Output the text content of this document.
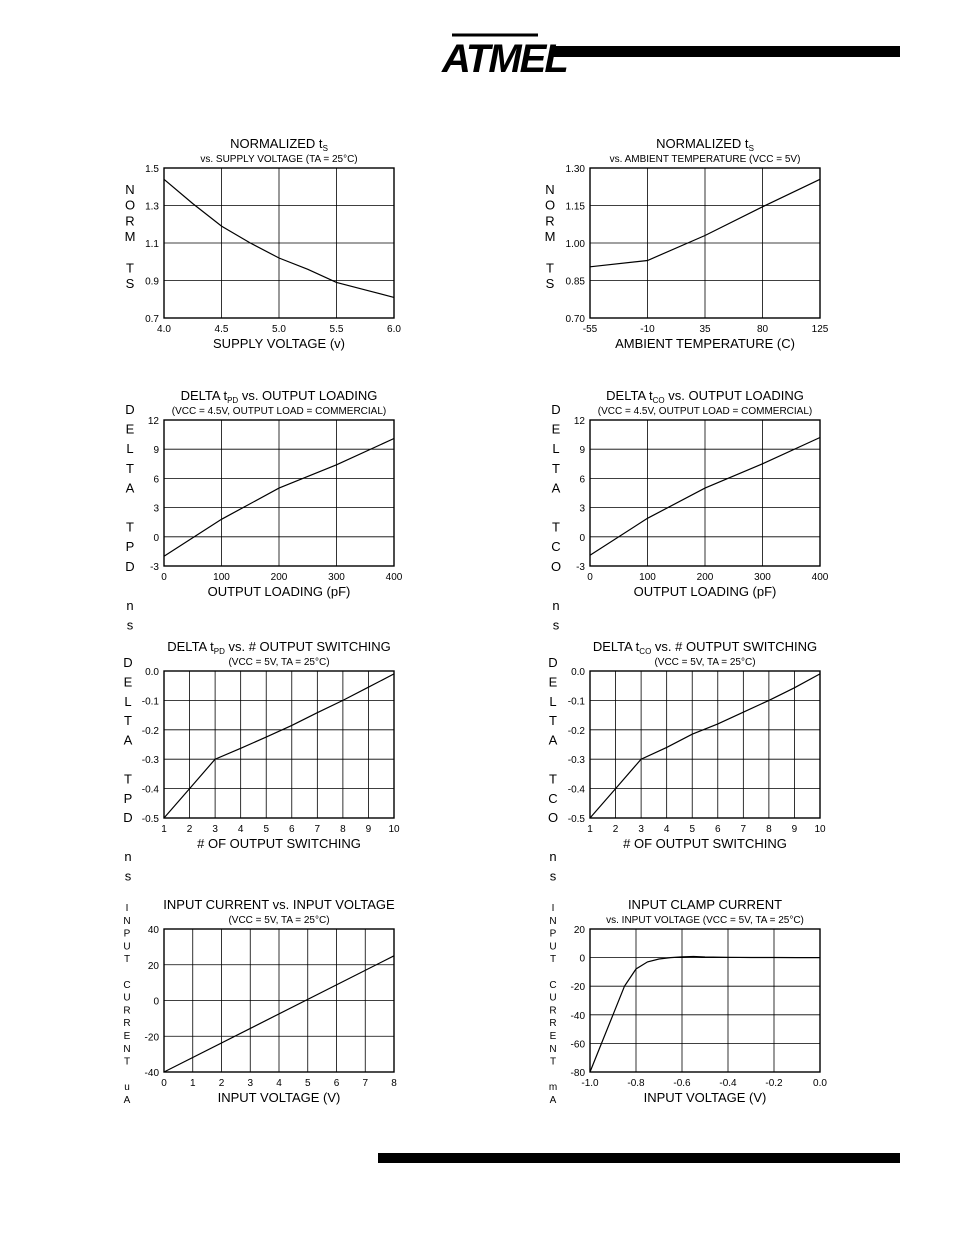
ATMEL
NORMALIZED $t_S$
vs. SUPPLY VOLTAGE (TA = 25°C)
4.0	4.5	5.0	5.5	6.0
0.7
0.9
1.1
1.3
1.5
SUPPLY VOLTAGE (v)
N
O
R
M
T
S
NORMALIZED $t_S$
vs. AMBIENT TEMPERATURE (VCC = 5V)
-55	-10	35	80	125
0.70
0.85
1.00
1.15
1.30
AMBIENT TEMPERATURE (C)
N
O
R
M
T
S
DELTA $t_{PD}$ vs. OUTPUT LOADING
(VCC = 4.5V, OUTPUT LOAD = COMMERCIAL)
0	100	200	300	400
-3
0
3
6
9
12
OUTPUT LOADING (pF)
D
E
L
T
A
T
P
D
n
s
DELTA $t_{CO}$ vs. OUTPUT LOADING
(VCC = 4.5V, OUTPUT LOAD = COMMERCIAL)
0	100	200	300	400
-3
0
3
6
9
12
OUTPUT LOADING (pF)
D
E
L
T
A
T
C
O
n
s
DELTA $t_{PD}$ vs. # OUTPUT SWITCHING
(VCC = 5V, TA = 25°C)
1 2 3 4 5 6 7 8 9 10
-0.5
-0.4
-0.3
-0.2
-0.1
0.0
# OF OUTPUT SWITCHING
D
E
L
T
A
T
P
D
n
s
DELTA $t_{CO}$ vs. # OUTPUT SWITCHING
(VCC = 5V, TA = 25°C)
1 2 3 4 5 6 7 8 9 10
-0.5
-0.4
-0.3
-0.2
-0.1
0.0
# OF OUTPUT SWITCHING
D
E
L
T
A
T
C
O
n
s
INPUT CURRENT vs. INPUT VOLTAGE
(VCC = 5V, TA = 25°C)
0 1 2 3 4 5 6 7 8
-40
-20
0
20
40
INPUT VOLTAGE (V)
I
N
P
U
T
C
U
R
R
E
N
T
u
A
INPUT CLAMP CURRENT
vs. INPUT VOLTAGE (VCC = 5V, TA = 25°C)
-1.0	-0.8	-0.6	-0.4	-0.2	0.0
-80
-60
-40
-20
0
20
INPUT VOLTAGE (V)
I
N
P
U
T
C
U
R
R
E
N
T
m
A
